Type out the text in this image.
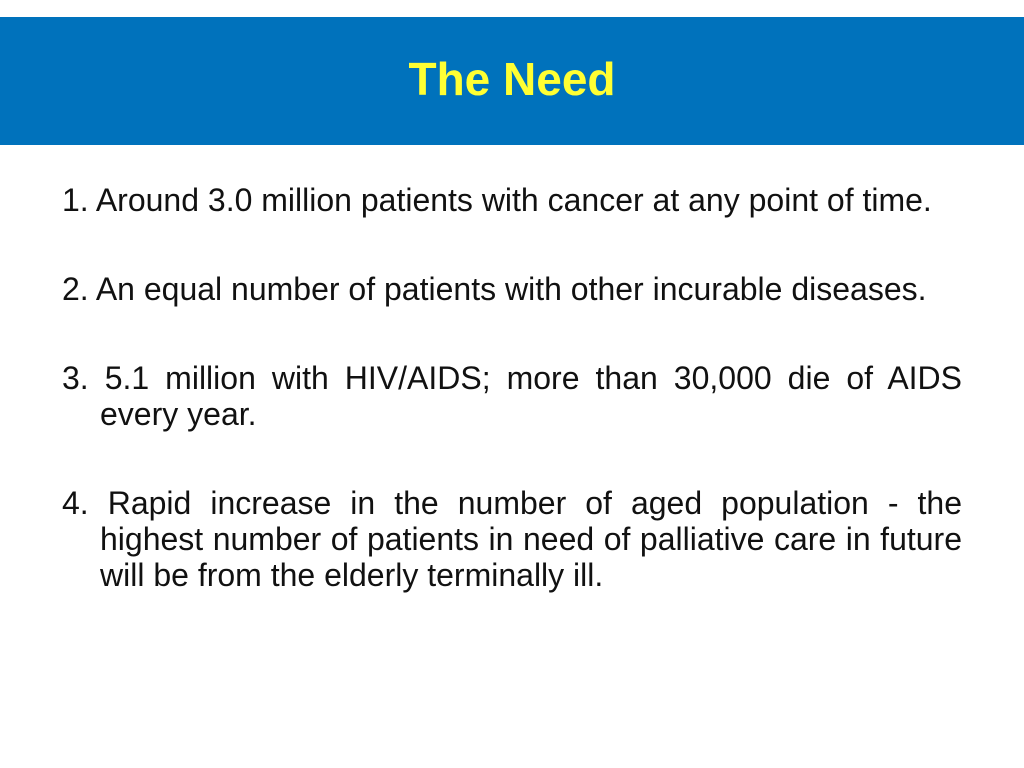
The Need
1. Around 3.0 million patients with cancer at any point of time.
2. An equal number of patients with other incurable diseases.
3. 5.1 million with HIV/AIDS; more than 30,000 die of AIDS every year.
4. Rapid increase in the number of aged population - the highest number of patients in need of palliative care in future will be from the elderly terminally ill.
